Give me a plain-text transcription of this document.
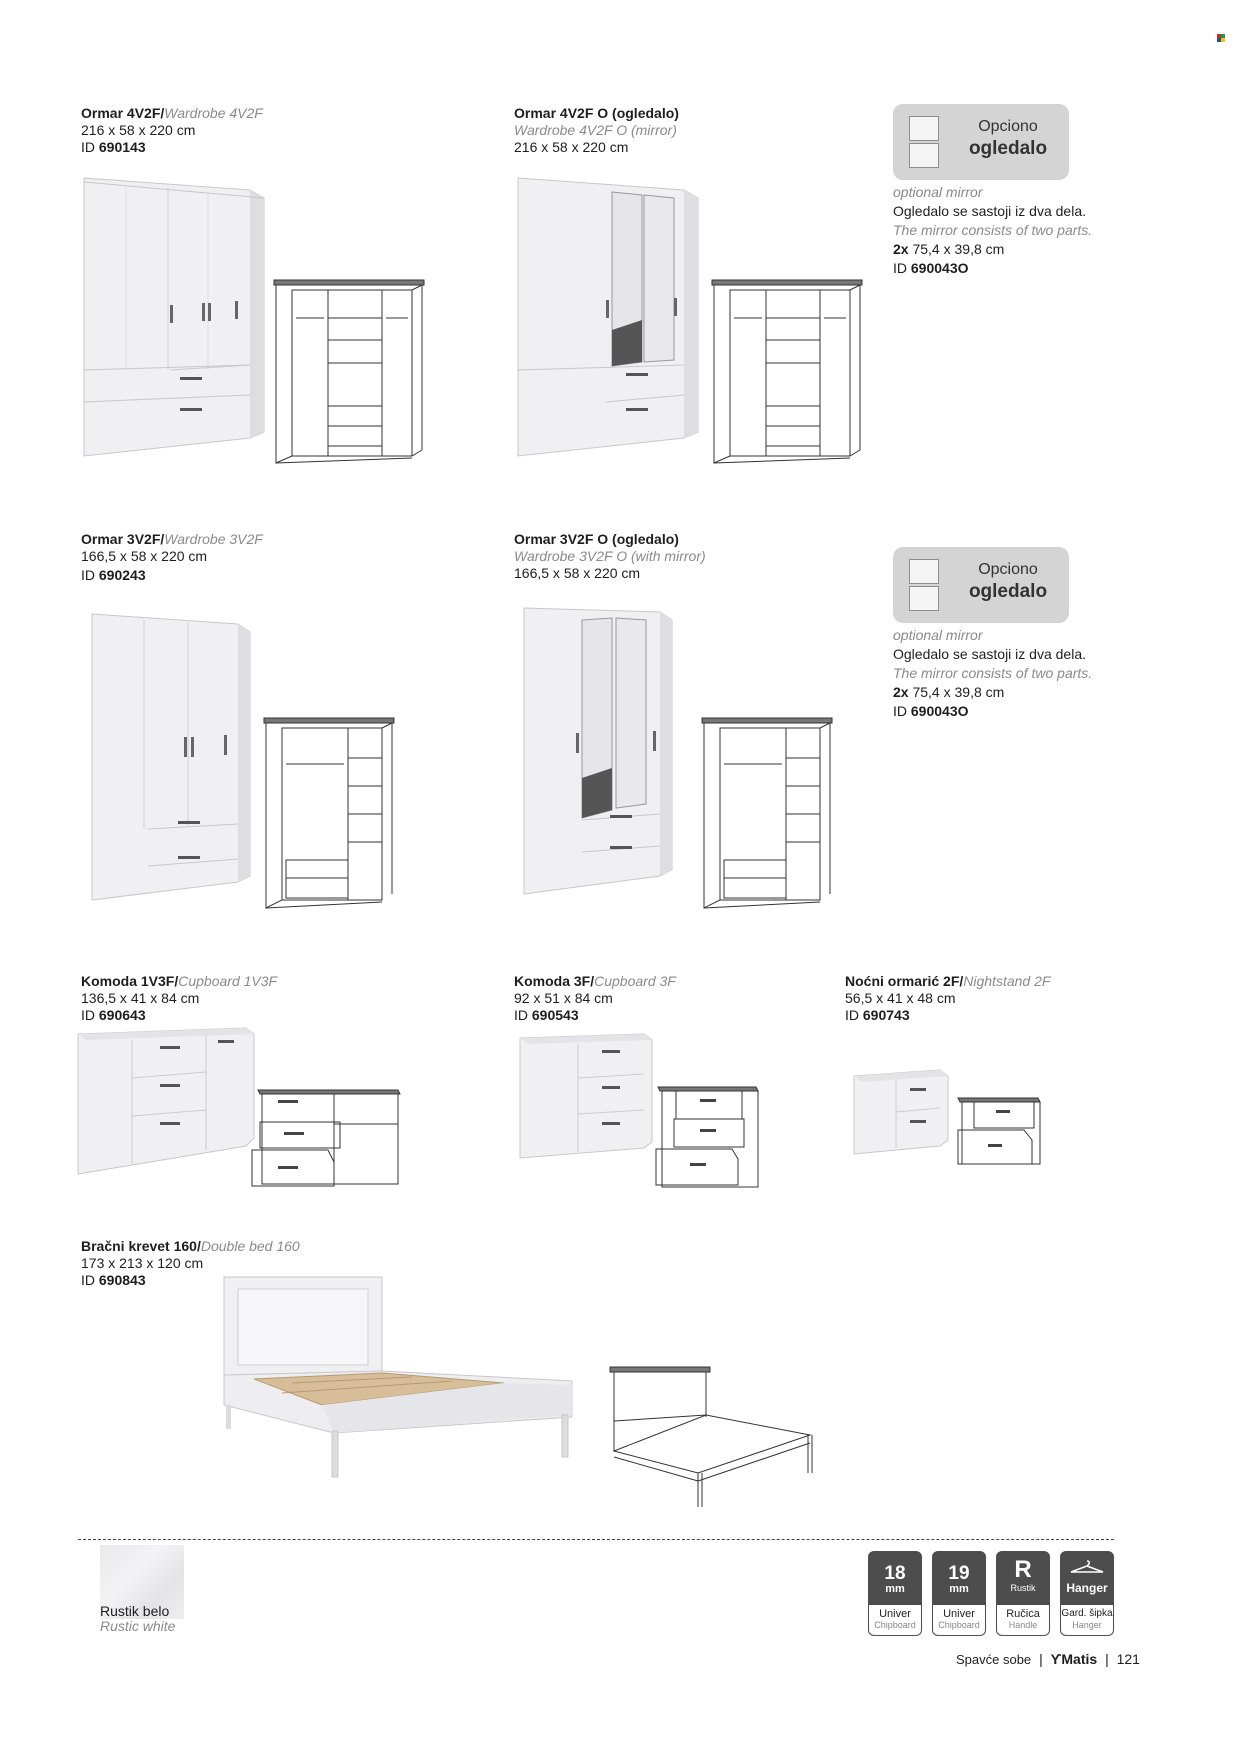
Ormar 4V2F/Wardrobe 4V2F
216 x 58 x 220 cm
ID 690143
Ormar 4V2F O (ogledalo)
Wardrobe 4V2F O (mirror)
216 x 58 x 220 cm
Opciono
ogledalo
optional mirror
Ogledalo se sastoji iz dva dela.
The mirror consists of two parts.
2x 75,4 x 39,8 cm
ID 690043O
Ormar 3V2F/Wardrobe 3V2F
166,5 x 58 x 220 cm
ID 690243
Ormar 3V2F O (ogledalo)
Wardrobe 3V2F O (with mirror)
166,5 x 58 x 220 cm	Opciono
ogledalo
optional mirror
Ogledalo se sastoji iz dva dela.
The mirror consists of two parts.
2x 75,4 x 39,8 cm
ID 690043O
Komoda 1V3F/Cupboard 1V3F
136,5 x 41 x 84 cm
ID 690643
Komoda 3F/Cupboard 3F
92 x 51 x 84 cm
ID 690543
Noćni ormarić 2F/Nightstand 2F
56,5 x 41 x 48 cm
ID 690743
Bračni krevet 160/Double bed 160
173 x 213 x 120 cm
ID 690843
Rustik belo
Rustic white
18
mm
Univer
Chipboard
19
mm
Univer
Chipboard
R
Rustik
Ručica
Handle
Hanger
Gard. šipka
Hanger
Spavće sobe | ϒMatis | 121
